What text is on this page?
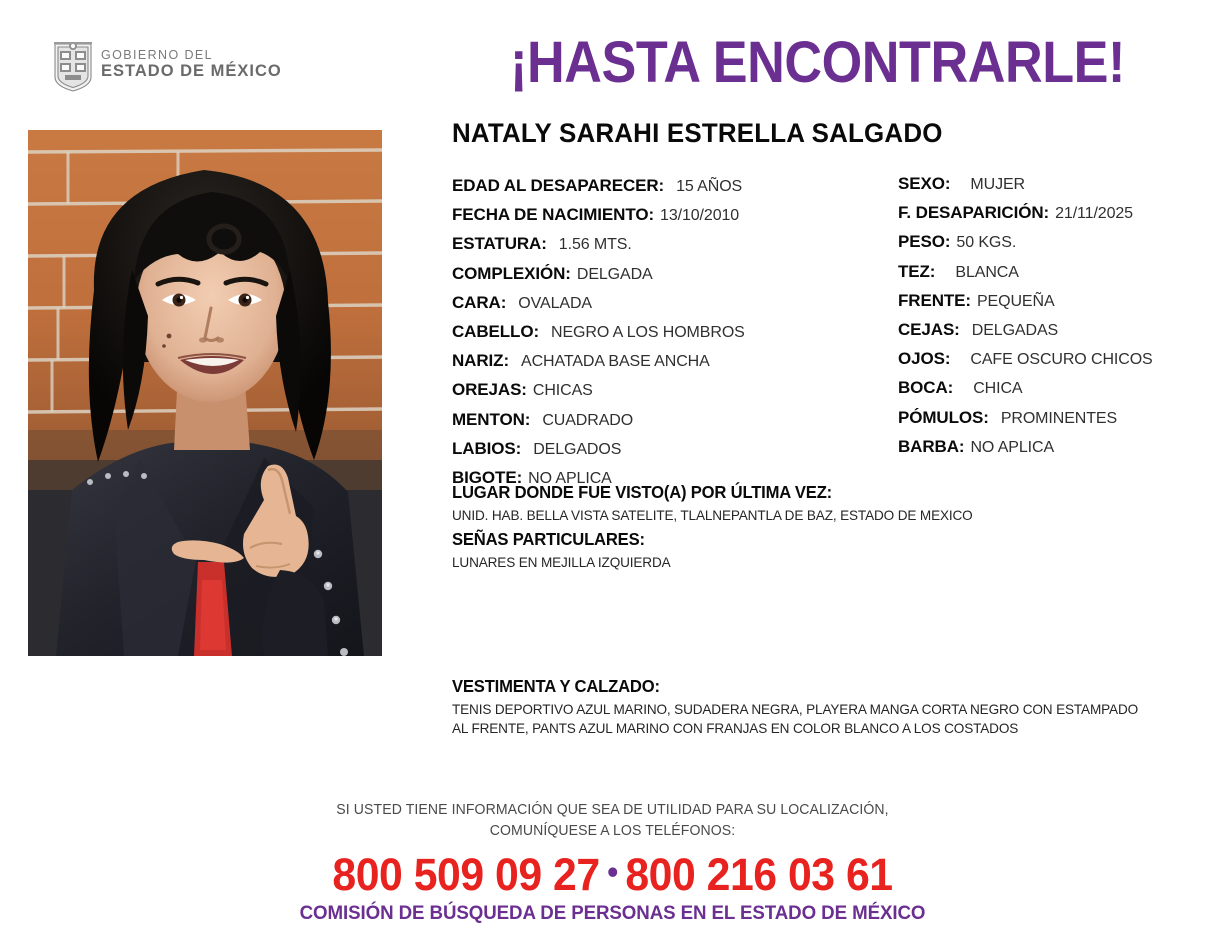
GOBIERNO DEL
ESTADO DE MÉXICO	¡HASTA ENCONTRARLE!
NATALY SARAHI ESTRELLA SALGADO
EDAD AL DESAPARECER: 15 AÑOS
FECHA DE NACIMIENTO: 13/10/2010
ESTATURA: 1.56 MTS.
COMPLEXIÓN: DELGADA
CARA: OVALADA
CABELLO: NEGRO A LOS HOMBROS
NARIZ: ACHATADA BASE ANCHA
OREJAS: CHICAS
MENTON: CUADRADO
LABIOS: DELGADOS
BIGOTE: NO APLICA
SEXO: MUJER
F. DESAPARICIÓN: 21/11/2025
PESO: 50 KGS.
TEZ: BLANCA
FRENTE: PEQUEÑA
CEJAS: DELGADAS
OJOS: CAFE OSCURO CHICOS
BOCA: CHICA
PÓMULOS: PROMINENTES
BARBA: NO APLICA
LUGAR DONDE FUE VISTO(A) POR ÚLTIMA VEZ:
UNID. HAB. BELLA VISTA SATELITE, TLALNEPANTLA DE BAZ, ESTADO DE MEXICO
SEÑAS PARTICULARES:
LUNARES EN MEJILLA IZQUIERDA
VESTIMENTA Y CALZADO:
TENIS DEPORTIVO AZUL MARINO, SUDADERA NEGRA, PLAYERA MANGA CORTA NEGRO CON ESTAMPADO AL FRENTE, PANTS AZUL MARINO CON FRANJAS EN COLOR BLANCO A LOS COSTADOS
SI USTED TIENE INFORMACIÓN QUE SEA DE UTILIDAD PARA SU LOCALIZACIÓN,
COMUNÍQUESE A LOS TELÉFONOS:
800 509 09 27 • 800 216 03 61
COMISIÓN DE BÚSQUEDA DE PERSONAS EN EL ESTADO DE MÉXICO
